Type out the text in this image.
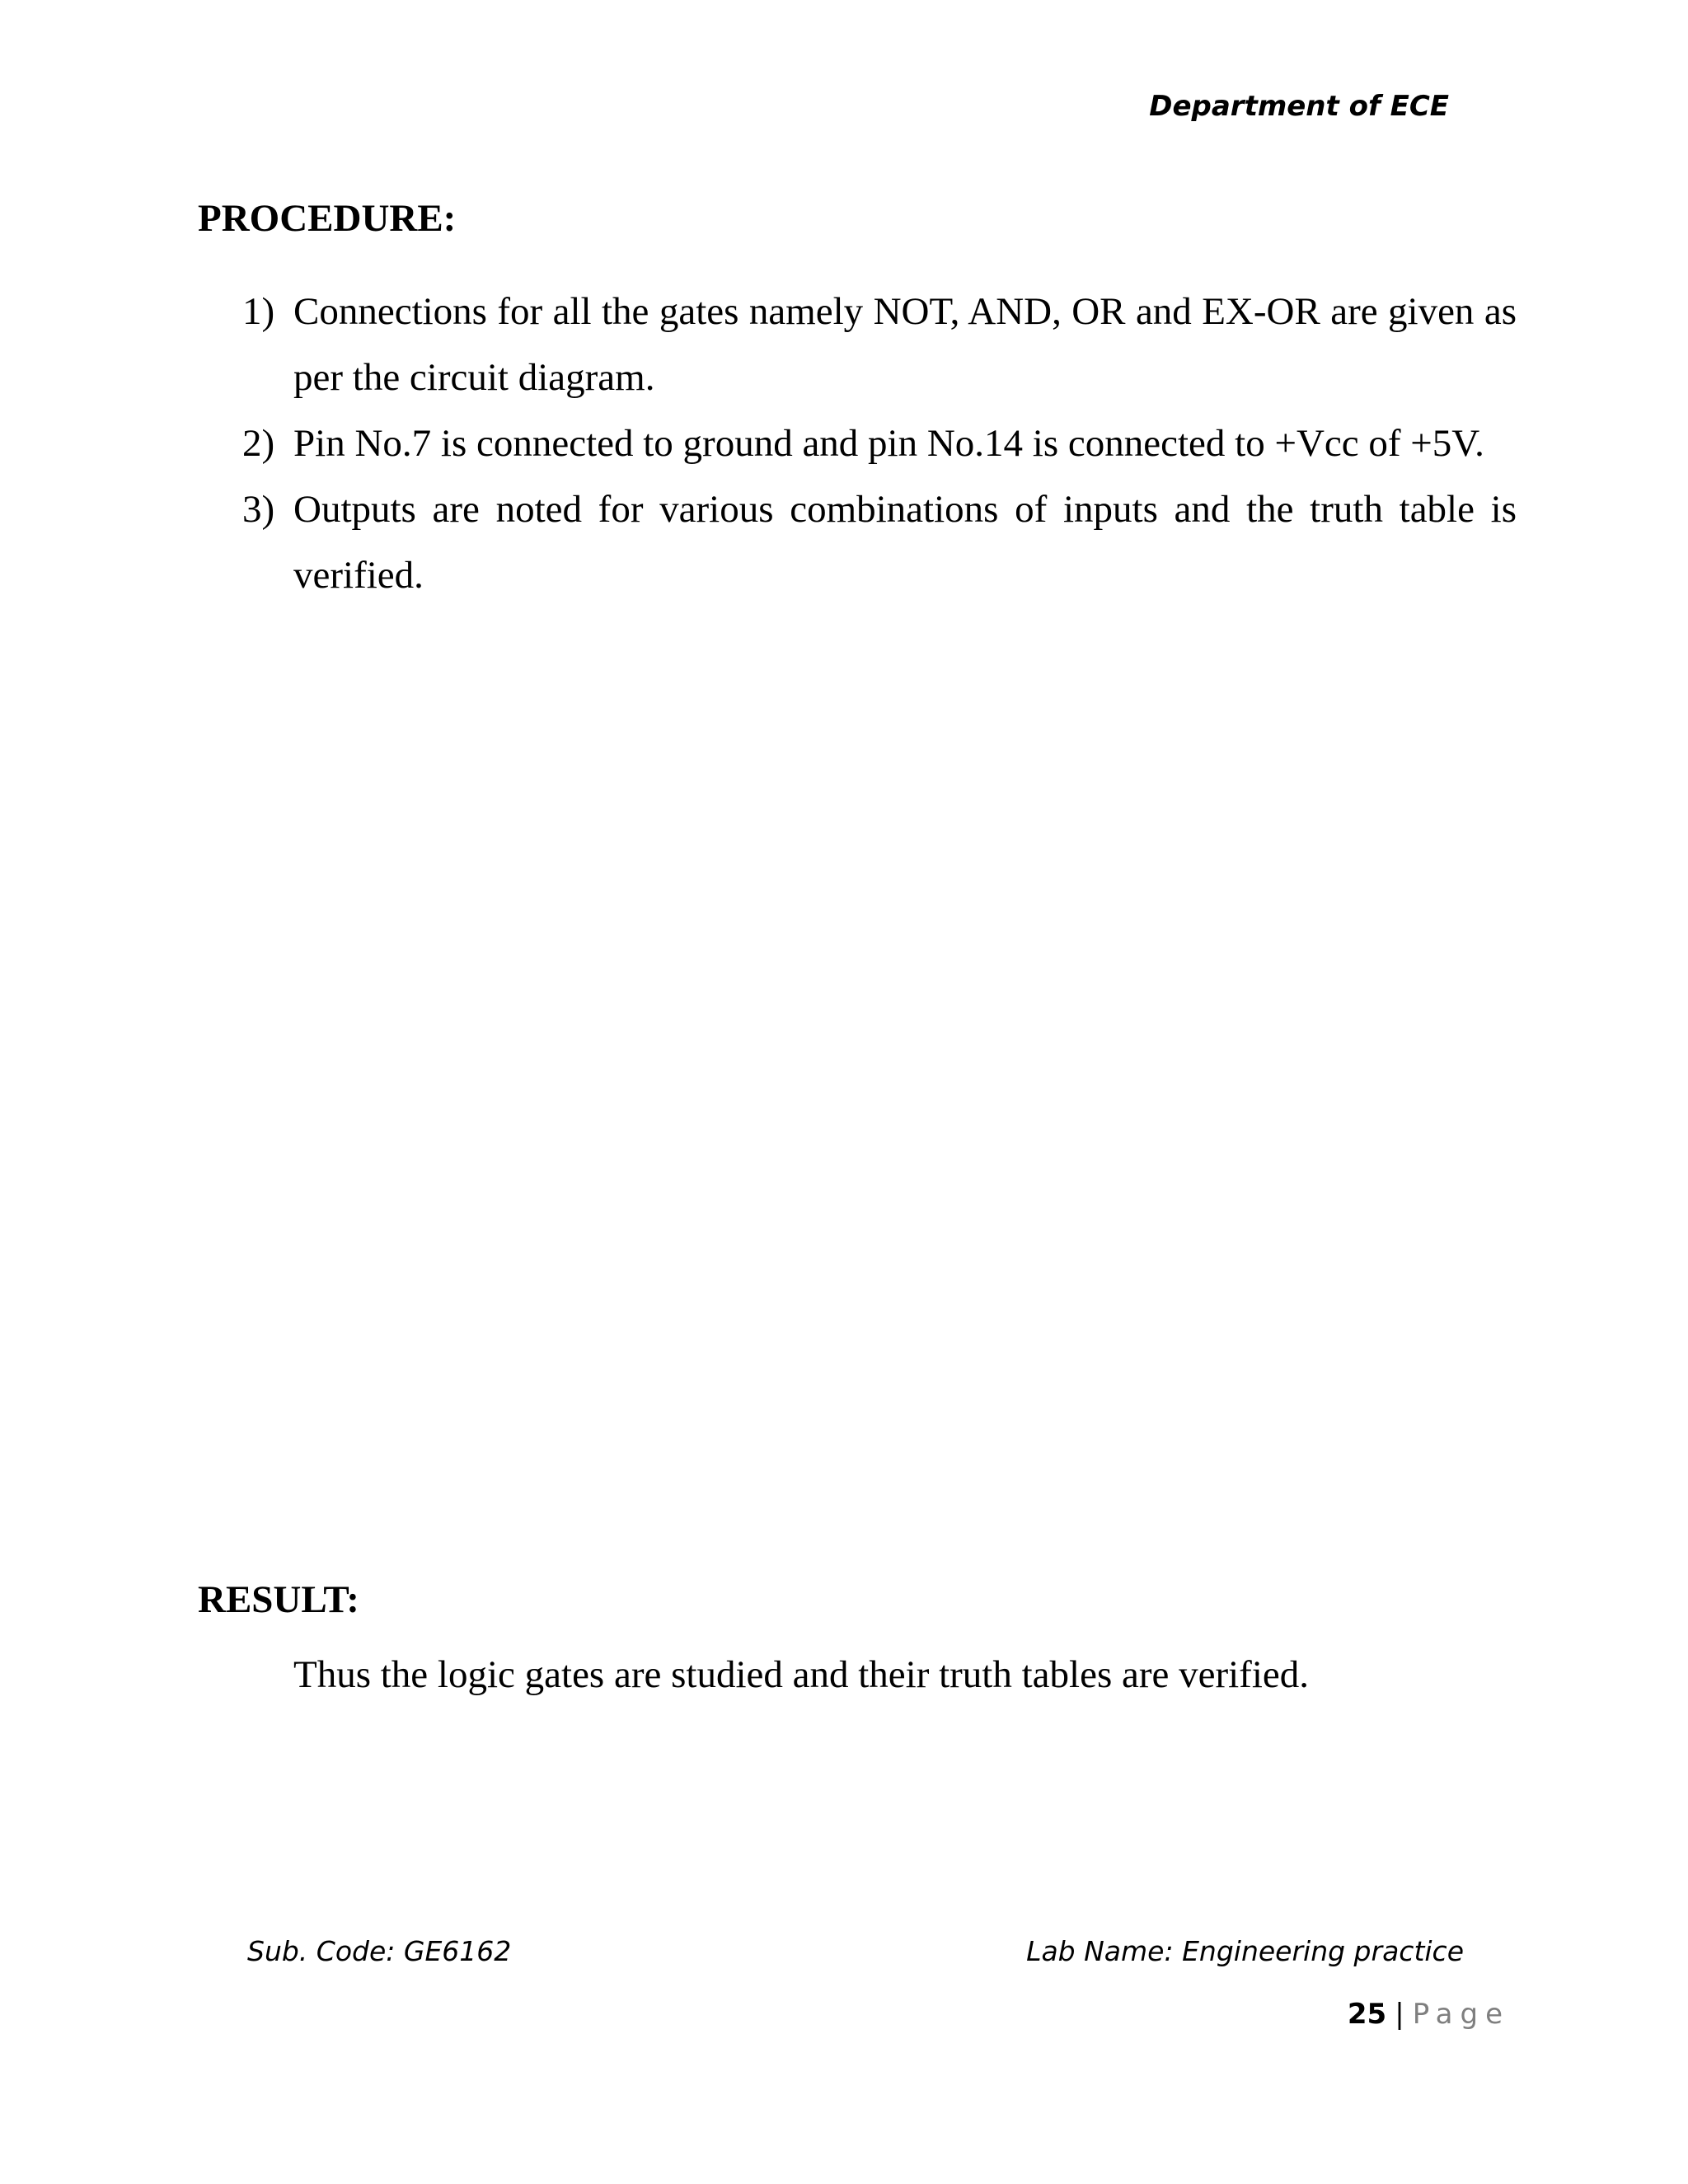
Department of ECE
PROCEDURE:
1) Connections for all the gates namely NOT, AND, OR and EX-OR are given as per the circuit diagram.
2) Pin No.7 is connected to ground and pin No.14 is connected to +Vcc of +5V.
3) Outputs are noted for various combinations of inputs and the truth table is verified.
RESULT:
Thus the logic gates are studied and their truth tables are verified.
Sub. Code: GE6162	Lab Name: Engineering practice
25 | Page
